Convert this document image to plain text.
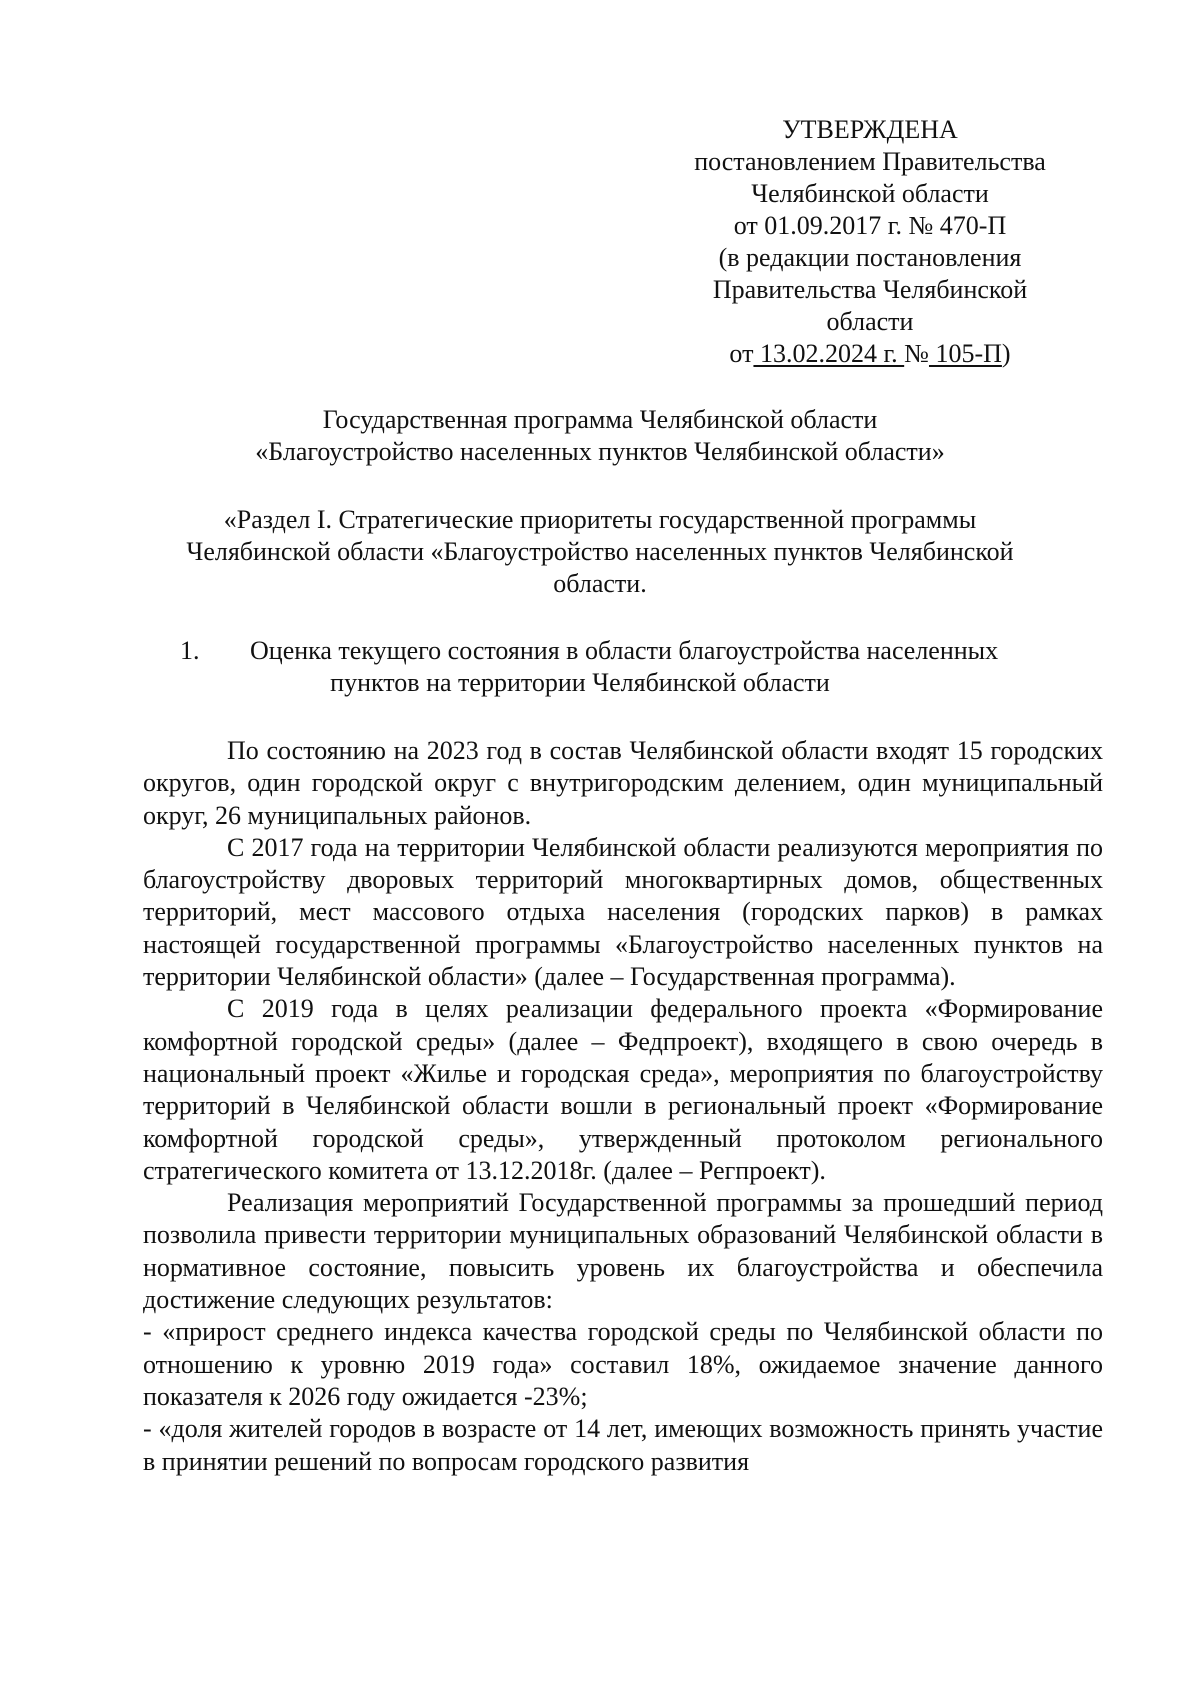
УТВЕРЖДЕНА
постановлением Правительства
Челябинской области
от 01.09.2017 г. № 470-П
(в редакции постановления
Правительства Челябинской
области
от 13.02.2024 г. № 105-П)
Государственная программа Челябинской области
«Благоустройство населенных пунктов Челябинской области»
«Раздел I. Стратегические приоритеты государственной программы
Челябинской области «Благоустройство населенных пунктов Челябинской
области.
1. Оценка текущего состояния в области благоустройства населенных
пунктов на территории Челябинской области

По состоянию на 2023 год в состав Челябинской области входят 15 городских округов, один городской округ с внутригородским делением, один муниципальный округ, 26 муниципальных районов.

С 2017 года на территории Челябинской области реализуются мероприятия по благоустройству дворовых территорий многоквартирных домов, общественных территорий, мест массового отдыха населения (городских парков) в рамках настоящей государственной программы «Благоустройство населенных пунктов на территории Челябинской области» (далее – Государственная программа).

С 2019 года в целях реализации федерального проекта «Формирование комфортной городской среды» (далее – Федпроект), входящего в свою очередь в национальный проект «Жилье и городская среда», мероприятия по благоустройству территорий в Челябинской области вошли в региональный проект «Формирование комфортной городской среды», утвержденный протоколом регионального стратегического комитета от 13.12.2018г. (далее – Регпроект).

Реализация мероприятий Государственной программы за прошедший период позволила привести территории муниципальных образований Челябинской области в нормативное состояние, повысить уровень их благоустройства и обеспечила достижение следующих результатов:

- «прирост среднего индекса качества городской среды по Челябинской области по отношению к уровню 2019 года» составил 18%, ожидаемое значение данного показателя к 2026 году ожидается -23%;

- «доля жителей городов в возрасте от 14 лет, имеющих возможность принять участие в принятии решений по вопросам городского развития
